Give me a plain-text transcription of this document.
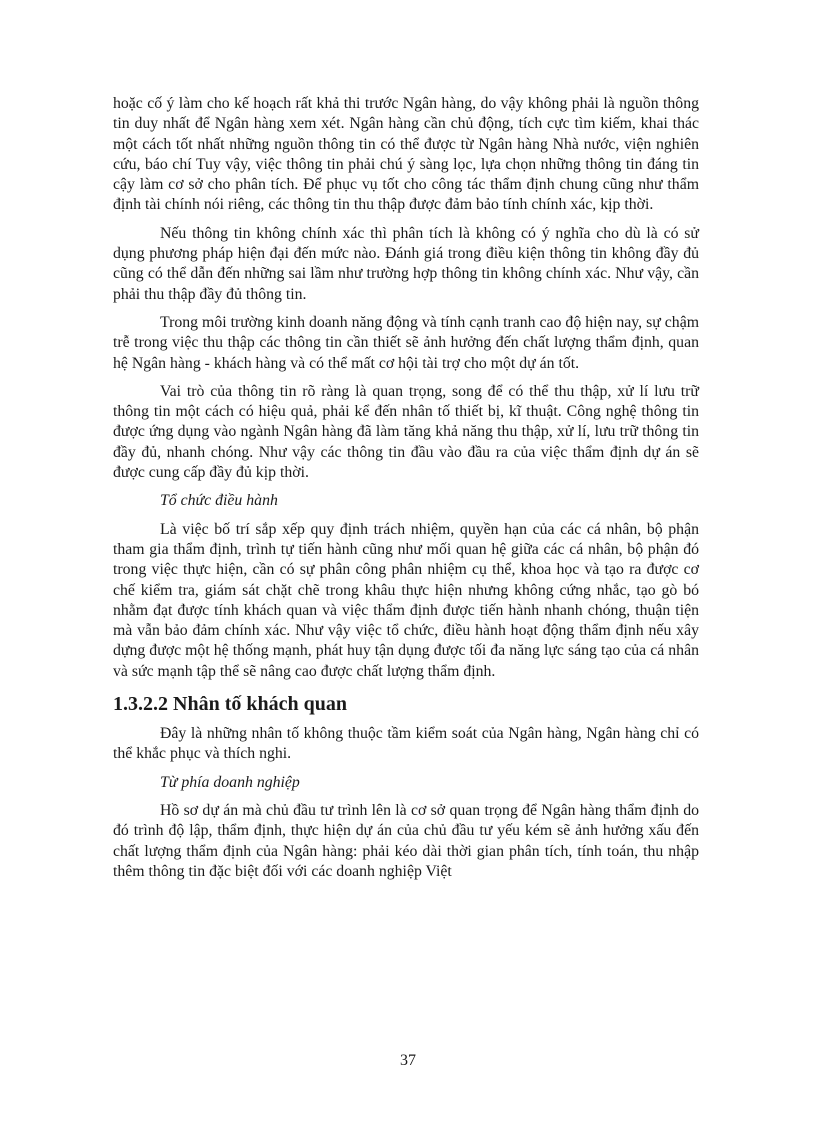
hoặc cố ý làm cho kế hoạch rất khả thi trước Ngân hàng, do vậy không phải là nguồn thông tin duy nhất để Ngân hàng xem xét. Ngân hàng cần chủ động, tích cực tìm kiếm, khai thác một cách tốt nhất những nguồn thông tin có thể được từ Ngân hàng Nhà nước, viện nghiên cứu, báo chí Tuy vậy, việc thông tin phải chú ý sàng lọc, lựa chọn những thông tin đáng tin cậy làm cơ sở cho phân tích. Để phục vụ tốt cho công tác thẩm định chung cũng như thẩm định tài chính nói riêng, các thông tin thu thập được đảm bảo tính chính xác, kịp thời.

Nếu thông tin không chính xác thì phân tích là không có ý nghĩa cho dù là có sử dụng phương pháp hiện đại đến mức nào. Đánh giá trong điều kiện thông tin không đầy đủ cũng có thể dẫn đến những sai lầm như trường hợp thông tin không chính xác. Như vậy, cần phải thu thập đầy đủ thông tin.

Trong môi trường kinh doanh năng động và tính cạnh tranh cao độ hiện nay, sự chậm trễ trong việc thu thập các thông tin cần thiết sẽ ảnh hưởng đến chất lượng thẩm định, quan hệ Ngân hàng - khách hàng và có thể mất cơ hội tài trợ cho một dự án tốt.

Vai trò của thông tin rõ ràng là quan trọng, song để có thể thu thập, xử lí lưu trữ thông tin một cách có hiệu quả, phải kể đến nhân tố thiết bị, kĩ thuật. Công nghệ thông tin được ứng dụng vào ngành Ngân hàng đã làm tăng khả năng thu thập, xử lí, lưu trữ thông tin đầy đủ, nhanh chóng. Như vậy các thông tin đầu vào đầu ra của việc thẩm định dự án sẽ được cung cấp đầy đủ kịp thời.

Tổ chức điều hành

Là việc bố trí sắp xếp quy định trách nhiệm, quyền hạn của các cá nhân, bộ phận tham gia thẩm định, trình tự tiến hành cũng như mối quan hệ giữa các cá nhân, bộ phận đó trong việc thực hiện, cần có sự phân công phân nhiệm cụ thể, khoa học và tạo ra được cơ chế kiểm tra, giám sát chặt chẽ trong khâu thực hiện nhưng không cứng nhắc, tạo gò bó nhằm đạt được tính khách quan và việc thẩm định được tiến hành nhanh chóng, thuận tiện mà vẫn bảo đảm chính xác. Như vậy việc tổ chức, điều hành hoạt động thẩm định nếu xây dựng được một hệ thống mạnh, phát huy tận dụng được tối đa năng lực sáng tạo của cá nhân và sức mạnh tập thể sẽ nâng cao được chất lượng thẩm định.

1.3.2.2 Nhân tố khách quan

Đây là những nhân tố không thuộc tầm kiểm soát của Ngân hàng, Ngân hàng chỉ có thể khắc phục và thích nghi.

Từ phía doanh nghiệp

Hồ sơ dự án mà chủ đầu tư trình lên là cơ sở quan trọng để Ngân hàng thẩm định do đó trình độ lập, thẩm định, thực hiện dự án của chủ đầu tư yếu kém sẽ ảnh hưởng xấu đến chất lượng thẩm định của Ngân hàng: phải kéo dài thời gian phân tích, tính toán, thu nhập thêm thông tin đặc biệt đối với các doanh nghiệp Việt

37
